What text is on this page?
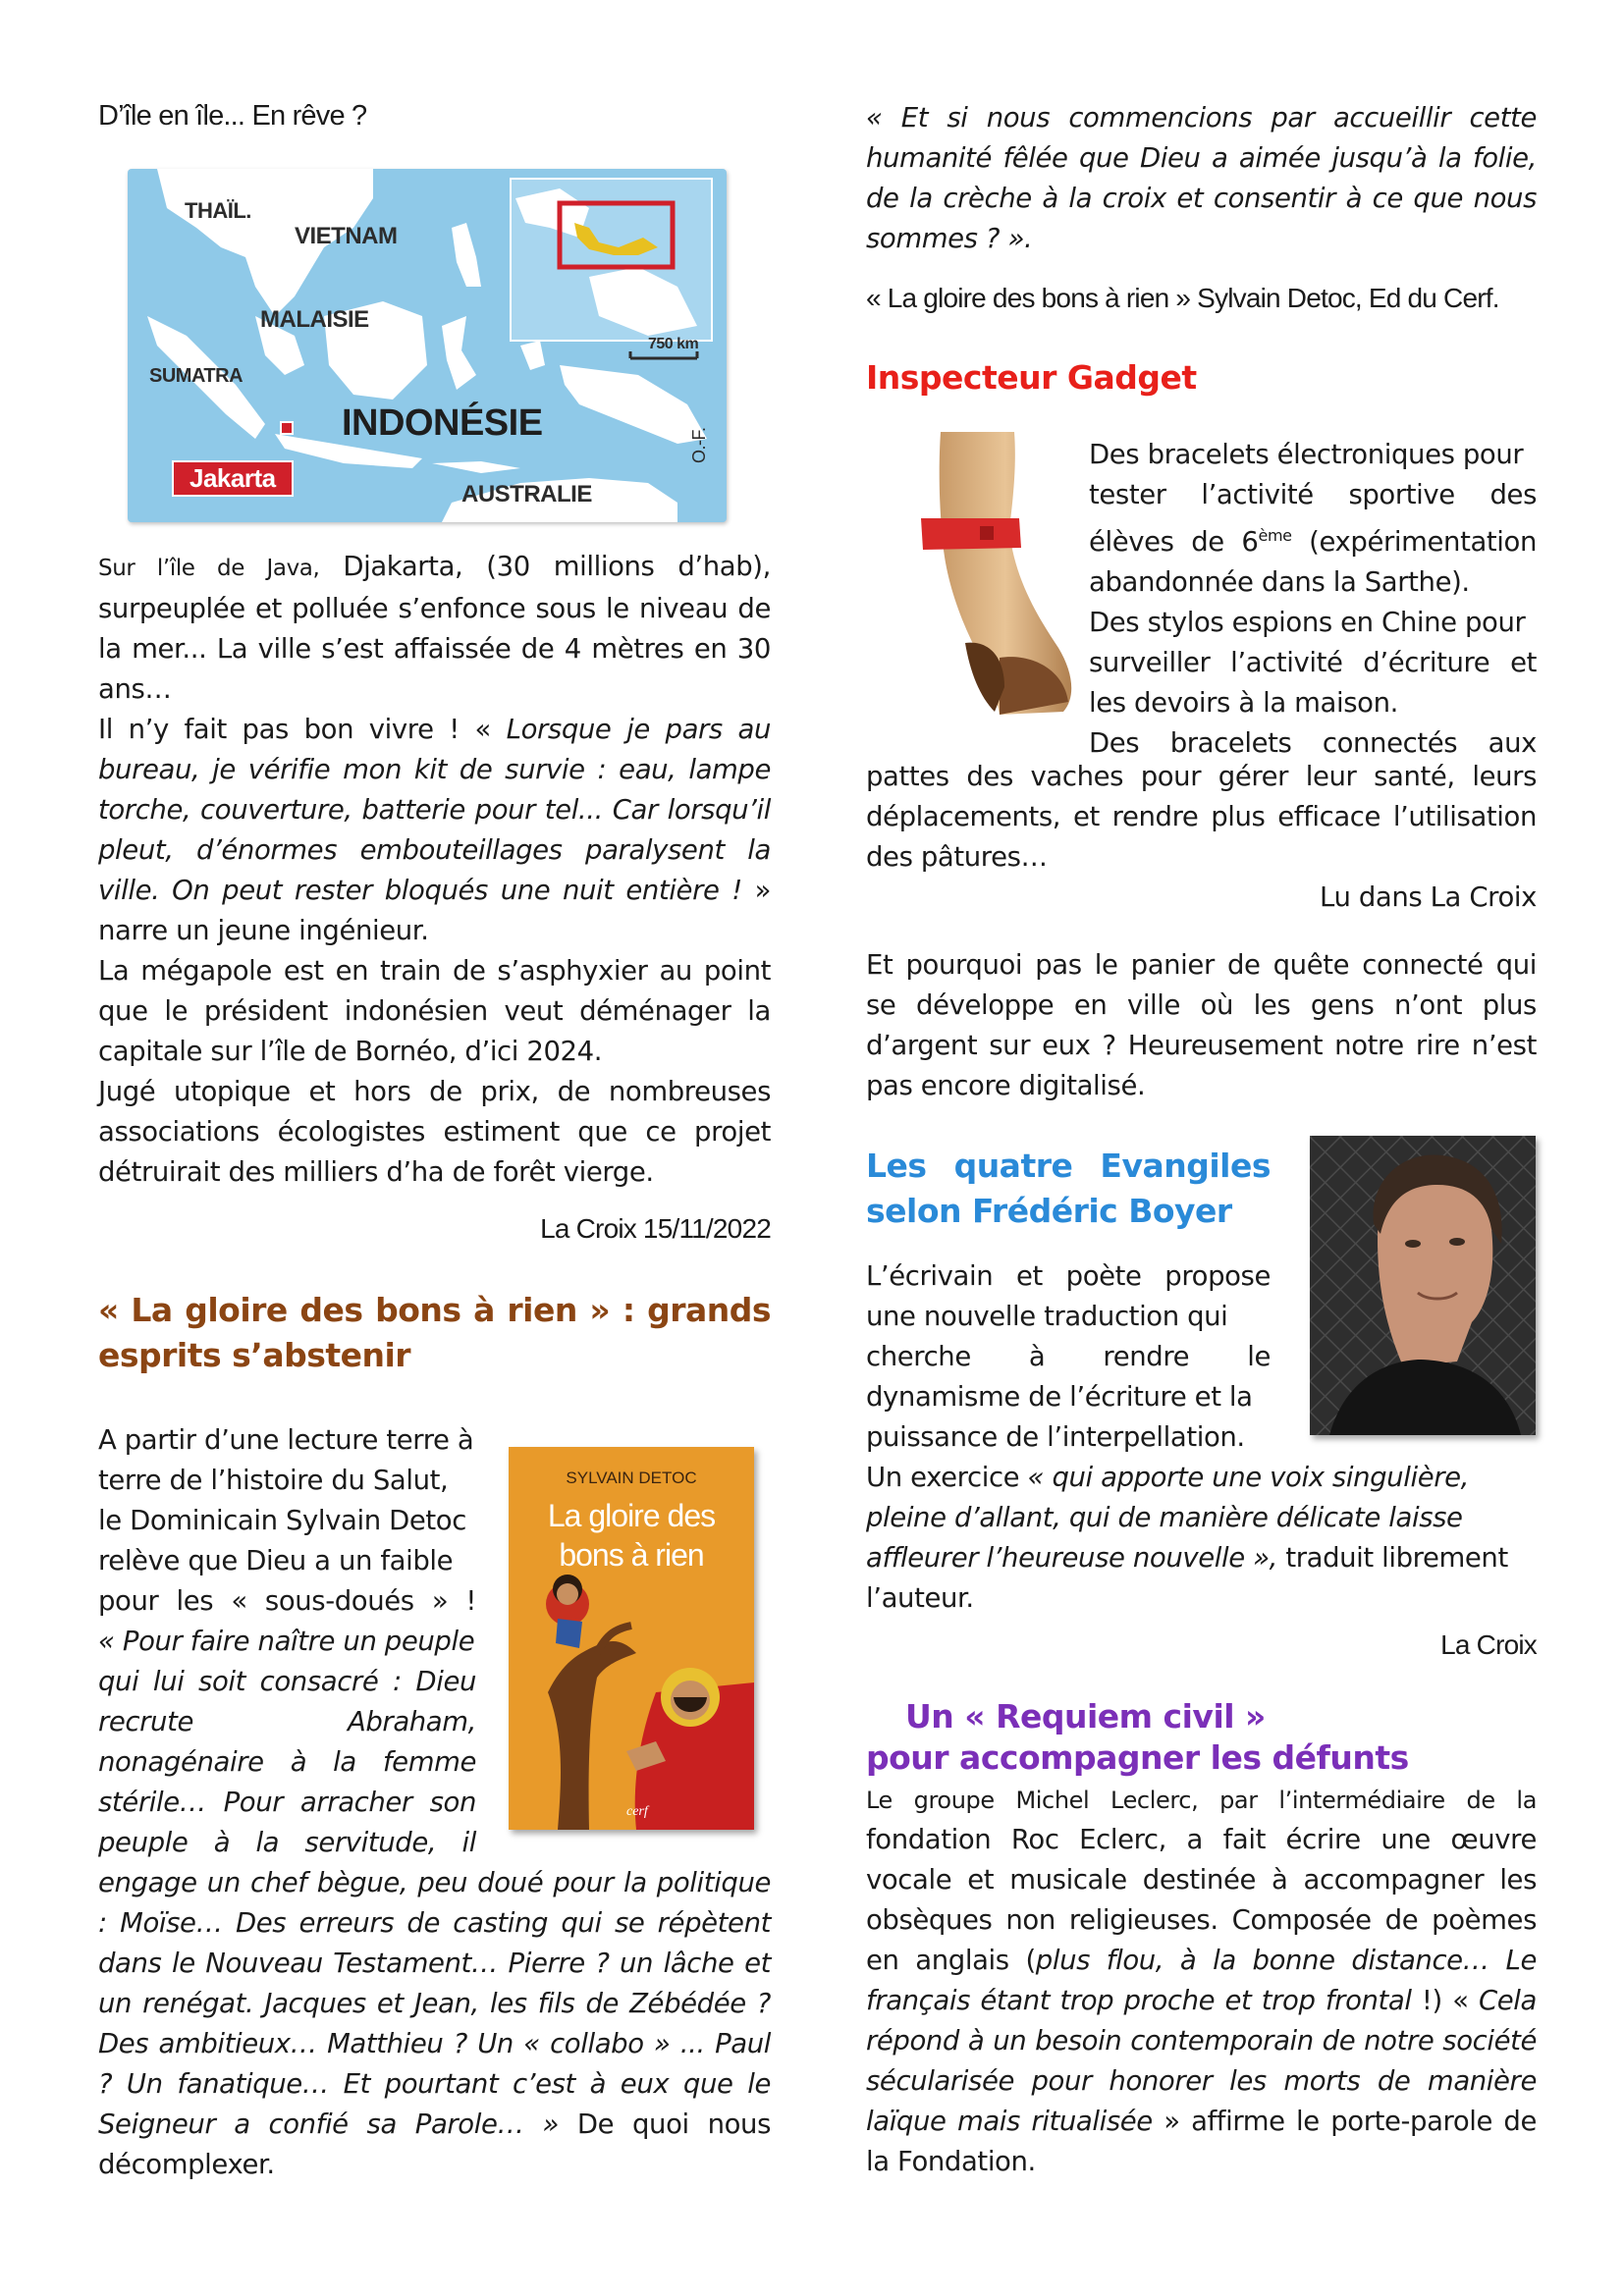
D’île en île... En rêve ?
THAÏL.
VIETNAM
MALAISIE
SUMATRA
INDONÉSIE
Jakarta
AUSTRALIE
750 km
O.-F.

Sur l’île de Java, Djakarta, (30 millions d’hab), surpeuplée et polluée s’enfonce sous le niveau de la mer... La ville s’est affaissée de 4 mètres en 30 ans…

Il n’y fait pas bon vivre ! « Lorsque je pars au bureau, je vérifie mon kit de survie : eau, lampe torche, couverture, batterie pour tel... Car lorsqu’il pleut, d’énormes embouteillages paralysent la ville. On peut rester bloqués une nuit entière ! » narre un jeune ingénieur.

La mégapole est en train de s’asphyxier au point que le président indonésien veut déménager la capitale sur l’île de Bornéo, d’ici 2024.

Jugé utopique et hors de prix, de nombreuses associations écologistes estiment que ce projet détruirait des milliers d’ha de forêt vierge.

La Croix 15/11/2022
« La gloire des bons à rien » : grands esprits s’abstenir

A partir d’une lecture terre à

terre de l’histoire du Salut,

le Dominicain Sylvain Detoc

relève que Dieu a un faible

pour les « sous-doués » !

« Pour faire naître un peuple

qui lui soit consacré : Dieu

recrute Abraham,

nonagénaire à la femme

stérile… Pour arracher son

peuple à la servitude, il

engage un chef bègue, peu doué pour la politique : Moïse… Des erreurs de casting qui se répètent dans le Nouveau Testament… Pierre ? un lâche et un renégat. Jacques et Jean, les fils de Zébédée ? Des ambitieux… Matthieu ? Un « collabo » ... Paul ? Un fanatique… Et pourtant c’est à eux que le Seigneur a confié sa Parole… » De quoi nous décomplexer.

SYLVAIN DETOC
La gloire des
bons à rien
cerf
« Et si nous commencions par accueillir cette humanité fêlée que Dieu a aimée jusqu’à la folie, de la crèche à la croix et consentir à ce que nous sommes ? ».
« La gloire des bons à rien » Sylvain Detoc, Ed du Cerf.
Inspecteur Gadget

Des bracelets électroniques pour

tester l’activité sportive des

élèves de 6ème (expérimentation

abandonnée dans la Sarthe).

Des stylos espions en Chine pour

surveiller l’activité d’écriture et

les devoirs à la maison.

Des bracelets connectés aux

pattes des vaches pour gérer leur santé, leurs déplacements, et rendre plus efficace l’utilisation des pâtures…
Lu dans La Croix
Et pourquoi pas le panier de quête connecté qui se développe en ville où les gens n’ont plus d’argent sur eux ? Heureusement notre rire n’est pas encore digitalisé.
Les quatre Evangiles
selon Frédéric Boyer

L’écrivain et poète propose

une nouvelle traduction qui

cherche à rendre le

dynamisme de l’écriture et la

puissance de l’interpellation.

Un exercice « qui apporte une voix singulière, pleine d’allant, qui de manière délicate laisse affleurer l’heureuse nouvelle », traduit librement l’auteur.

La Croix
Un « Requiem civil »
pour accompagner les défunts
Le groupe Michel Leclerc, par l’intermédiaire de la

fondation Roc Eclerc, a fait écrire une œuvre vocale et musicale destinée à accompagner les obsèques non religieuses. Composée de poèmes en anglais (plus flou, à la bonne distance… Le français étant trop proche et trop frontal !) « Cela répond à un besoin contemporain de notre société sécularisée pour honorer les morts de manière laïque mais ritualisée » affirme le porte-parole de la Fondation.
